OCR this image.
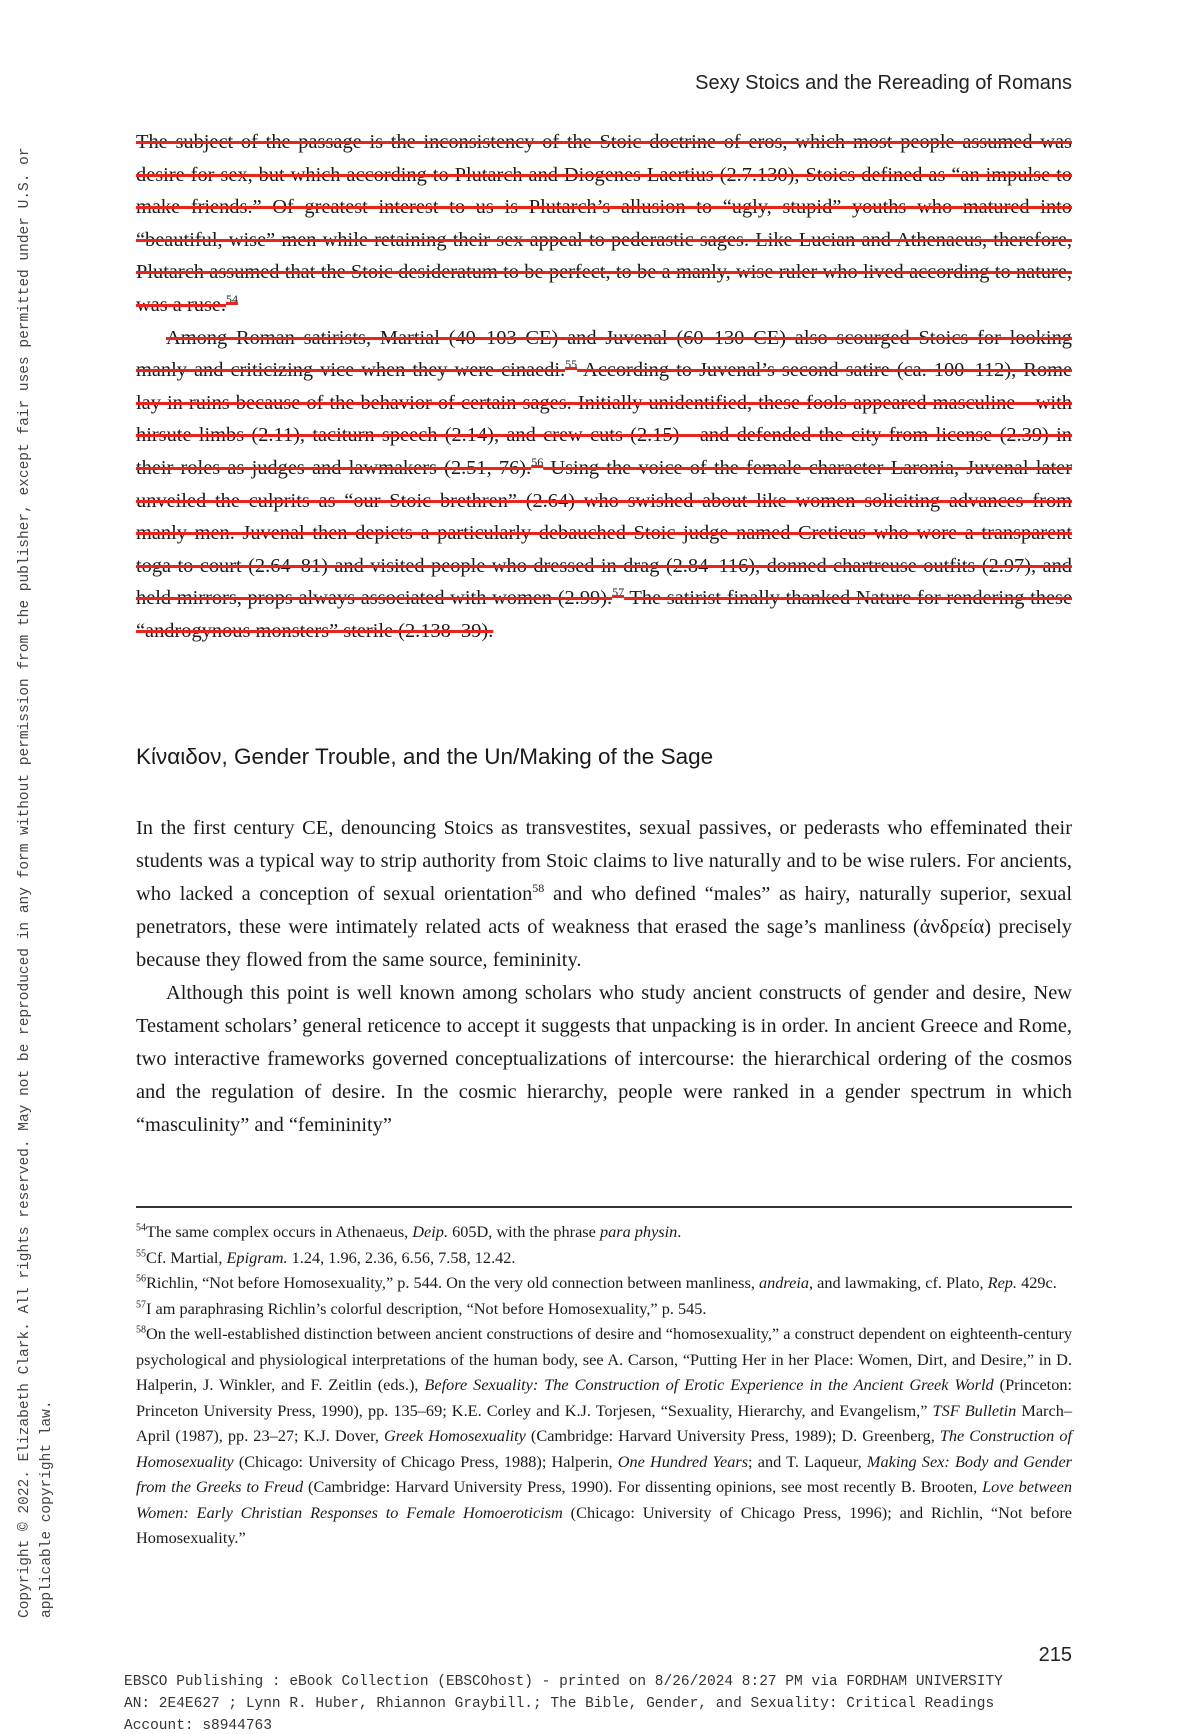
Sexy Stoics and the Rereading of Romans

The subject of the passage is the inconsistency of the Stoic doctrine of eros, which most people assumed was desire for sex, but which according to Plutarch and Diogenes Laertius (2.7.130), Stoics defined as “an impulse to make friends.” Of greatest interest to us is Plutarch’s allusion to “ugly, stupid” youths who matured into “beautiful, wise” men while retaining their sex appeal to pederastic sages. Like Lucian and Athenaeus, therefore, Plutarch assumed that the Stoic desideratum to be perfect, to be a manly, wise ruler who lived according to nature, was a ruse.$^{54}$

Among Roman satirists, Martial (40–103 CE) and Juvenal (60–130 CE) also scourged Stoics for looking manly and criticizing vice when they were cinaedi.$^{55}$ According to Juvenal’s second satire (ca. 100–112), Rome lay in ruins because of the behavior of certain sages. Initially unidentified, these fools appeared masculine—with hirsute limbs (2.11), taciturn speech (2.14), and crew cuts (2.15)—and defended the city from license (2.39) in their roles as judges and lawmakers (2.51, 76).$^{56}$ Using the voice of the female character Laronia, Juvenal later unveiled the culprits as “our Stoic brethren” (2.64) who swished about like women soliciting advances from manly men. Juvenal then depicts a particularly debauched Stoic judge named Creticus who wore a transparent toga to court (2.64–81) and visited people who dressed in drag (2.84–116), donned chartreuse outfits (2.97), and held mirrors, props always associated with women (2.99).$^{57}$ The satirist finally thanked Nature for rendering these “androgynous monsters” sterile (2.138–39).

Κίναιδον, Gender Trouble, and the Un/Making of the Sage

In the first century CE, denouncing Stoics as transvestites, sexual passives, or pederasts who effeminated their students was a typical way to strip authority from Stoic claims to live naturally and to be wise rulers. For ancients, who lacked a conception of sexual orientation$^{58}$ and who defined “males” as hairy, naturally superior, sexual penetrators, these were intimately related acts of weakness that erased the sage’s manliness (ἀνδρεία) precisely because they flowed from the same source, femininity.

Although this point is well known among scholars who study ancient constructs of gender and desire, New Testament scholars’ general reticence to accept it suggests that unpacking is in order. In ancient Greece and Rome, two interactive frameworks governed conceptualizations of intercourse: the hierarchical ordering of the cosmos and the regulation of desire. In the cosmic hierarchy, people were ranked in a gender spectrum in which “masculinity” and “femininity”

$^{54}$The same complex occurs in Athenaeus, Deip. 605D, with the phrase para physin.

$^{55}$Cf. Martial, Epigram. 1.24, 1.96, 2.36, 6.56, 7.58, 12.42.

$^{56}$Richlin, “Not before Homosexuality,” p. 544. On the very old connection between manliness, andreia, and lawmaking, cf. Plato, Rep. 429c.

$^{57}$I am paraphrasing Richlin’s colorful description, “Not before Homosexuality,” p. 545.

$^{58}$On the well-established distinction between ancient constructions of desire and “homosexuality,” a construct dependent on eighteenth-century psychological and physiological interpretations of the human body, see A. Carson, “Putting Her in her Place: Women, Dirt, and Desire,” in D. Halperin, J. Winkler, and F. Zeitlin (eds.), Before Sexuality: The Construction of Erotic Experience in the Ancient Greek World (Princeton: Princeton University Press, 1990), pp. 135–69; K.E. Corley and K.J. Torjesen, “Sexuality, Hierarchy, and Evangelism,” TSF Bulletin March–April (1987), pp. 23–27; K.J. Dover, Greek Homosexuality (Cambridge: Harvard University Press, 1989); D. Greenberg, The Construction of Homosexuality (Chicago: University of Chicago Press, 1988); Halperin, One Hundred Years; and T. Laqueur, Making Sex: Body and Gender from the Greeks to Freud (Cambridge: Harvard University Press, 1990). For dissenting opinions, see most recently B. Brooten, Love between Women: Early Christian Responses to Female Homoeroticism (Chicago: University of Chicago Press, 1996); and Richlin, “Not before Homosexuality.”

215
EBSCO Publishing : eBook Collection (EBSCOhost) - printed on 8/26/2024 8:27 PM via FORDHAM UNIVERSITY
AN: 2E4E627 ; Lynn R. Huber, Rhiannon Graybill.; The Bible, Gender, and Sexuality: Critical Readings
Account: s8944763
Copyright © 2022. Elizabeth Clark. All rights reserved. May not be reproduced in any form without permission from the publisher, except fair uses permitted under U.S. or applicable copyright law.
